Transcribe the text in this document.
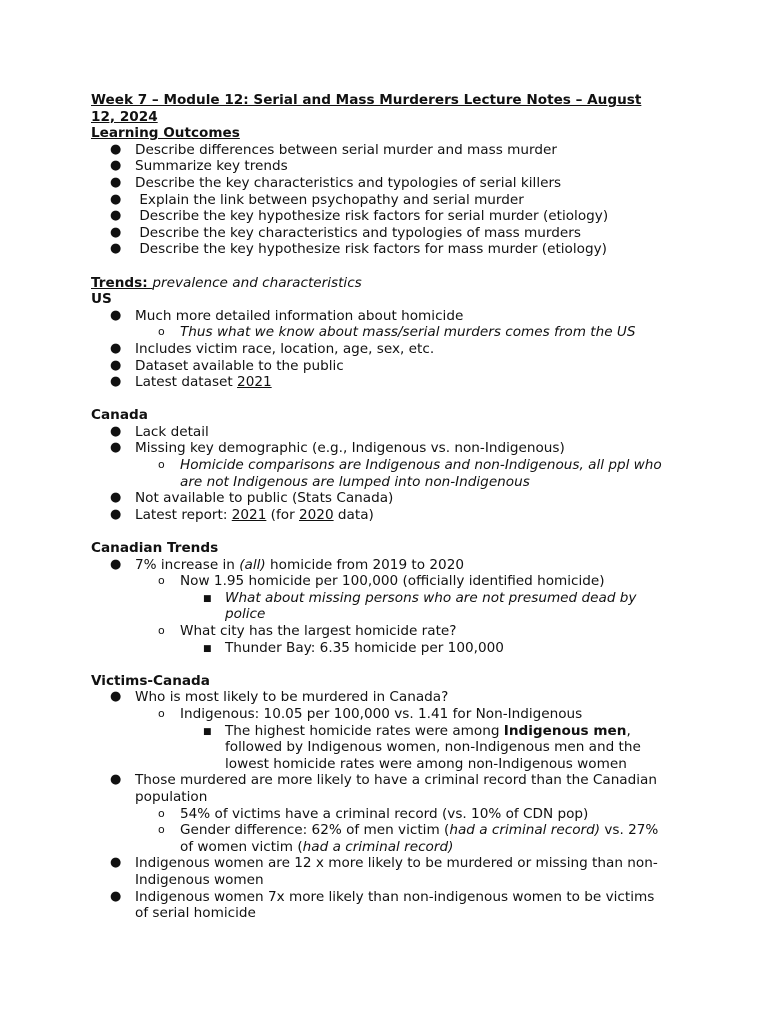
Week 7 – Module 12: Serial and Mass Murderers Lecture Notes – August
12, 2024
Learning Outcomes
● Describe differences between serial murder and mass murder
● Summarize key trends
● Describe the key characteristics and typologies of serial killers
● Explain the link between psychopathy and serial murder
● Describe the key hypothesize risk factors for serial murder (etiology)
● Describe the key characteristics and typologies of mass murders
● Describe the key hypothesize risk factors for mass murder (etiology)
Trends: prevalence and characteristics
US
● Much more detailed information about homicide
o Thus what we know about mass/serial murders comes from the US
● Includes victim race, location, age, sex, etc.
● Dataset available to the public
● Latest dataset 2021
Canada
● Lack detail
● Missing key demographic (e.g., Indigenous vs. non-Indigenous)
o Homicide comparisons are Indigenous and non-Indigenous, all ppl who
are not Indigenous are lumped into non-Indigenous
● Not available to public (Stats Canada)
● Latest report: 2021 (for 2020 data)
Canadian Trends
● 7% increase in (all) homicide from 2019 to 2020
o Now 1.95 homicide per 100,000 (officially identified homicide)
■ What about missing persons who are not presumed dead by
police
o What city has the largest homicide rate?
■ Thunder Bay: 6.35 homicide per 100,000
Victims-Canada
● Who is most likely to be murdered in Canada?
o Indigenous: 10.05 per 100,000 vs. 1.41 for Non-Indigenous
■ The highest homicide rates were among Indigenous men,
followed by Indigenous women, non-Indigenous men and the
lowest homicide rates were among non-Indigenous women
● Those murdered are more likely to have a criminal record than the Canadian
population
o 54% of victims have a criminal record (vs. 10% of CDN pop)
o Gender difference: 62% of men victim (had a criminal record) vs. 27%
of women victim (had a criminal record)
● Indigenous women are 12 x more likely to be murdered or missing than non-
Indigenous women
● Indigenous women 7x more likely than non-indigenous women to be victims
of serial homicide
